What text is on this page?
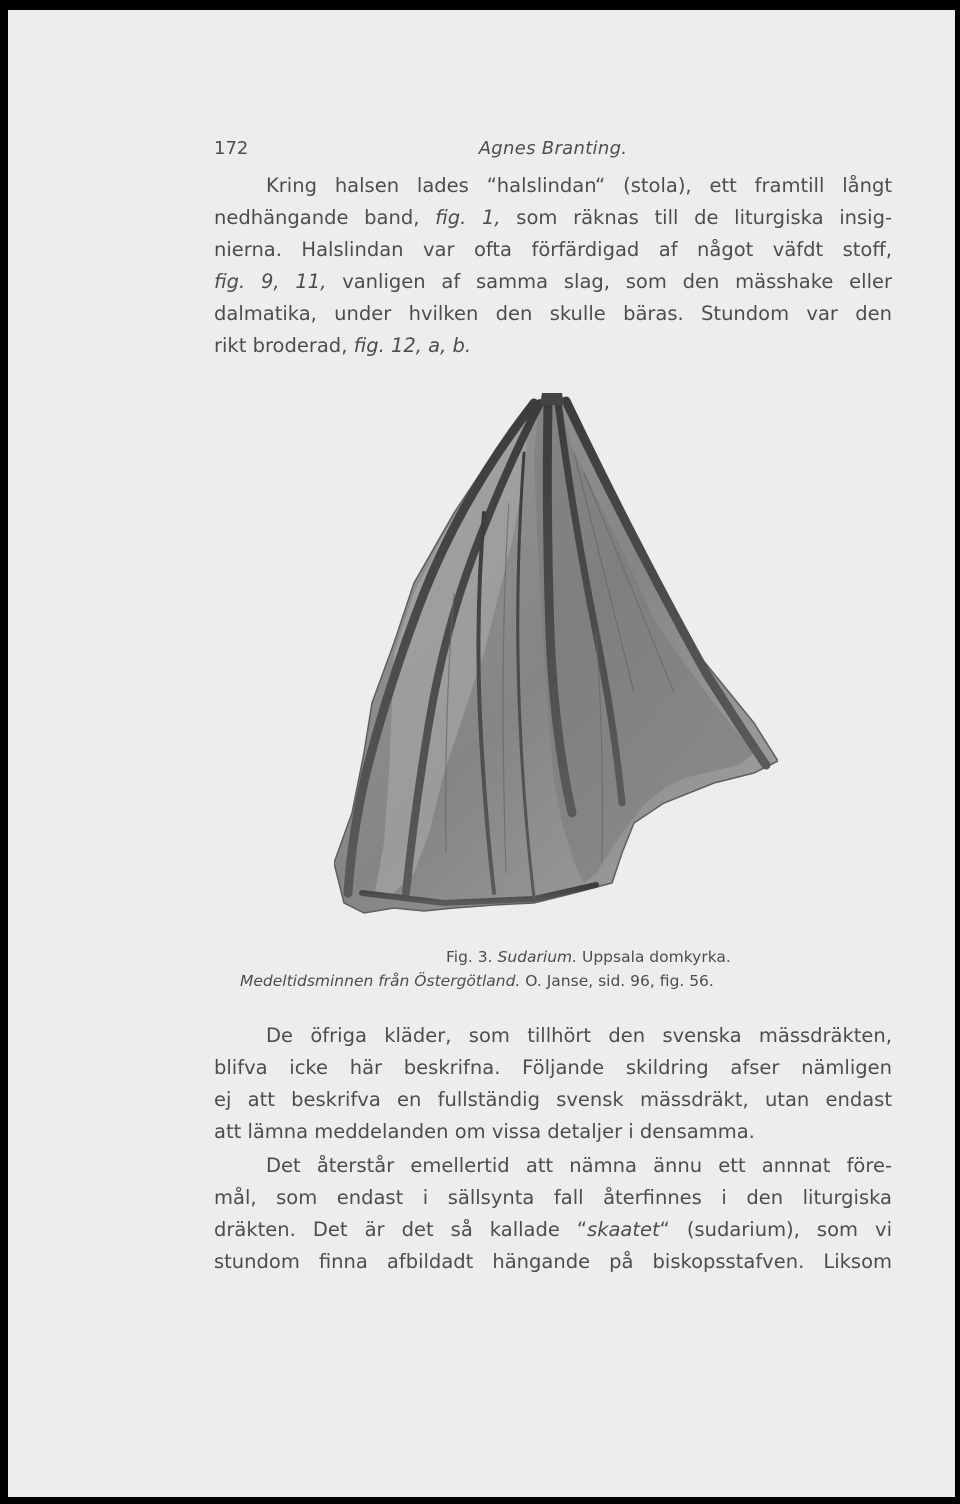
172	Agnes Branting.
Kring halsen lades “halslindan“ (stola), ett framtill långt
nedhängande band, fig. 1, som räknas till de liturgiska insig-
nierna. Halslindan var ofta förfärdigad af något väfdt stoff,
fig. 9, 11, vanligen af samma slag, som den mässhake eller
dalmatika, under hvilken den skulle bäras. Stundom var den
rikt broderad, fig. 12, a, b.
Fig. 3. Sudarium. Uppsala domkyrka.
Medeltidsminnen från Östergötland. O. Janse, sid. 96, fig. 56.
De öfriga kläder, som tillhört den svenska mässdräkten,
blifva icke här beskrifna. Följande skildring afser nämligen
ej att beskrifva en fullständig svensk mässdräkt, utan endast
att lämna meddelanden om vissa detaljer i densamma.
Det återstår emellertid att nämna ännu ett annnat före-
mål, som endast i sällsynta fall återfinnes i den liturgiska
dräkten. Det är det så kallade “skaatet“ (sudarium), som vi
stundom finna afbildadt hängande på biskopsstafven. Liksom
